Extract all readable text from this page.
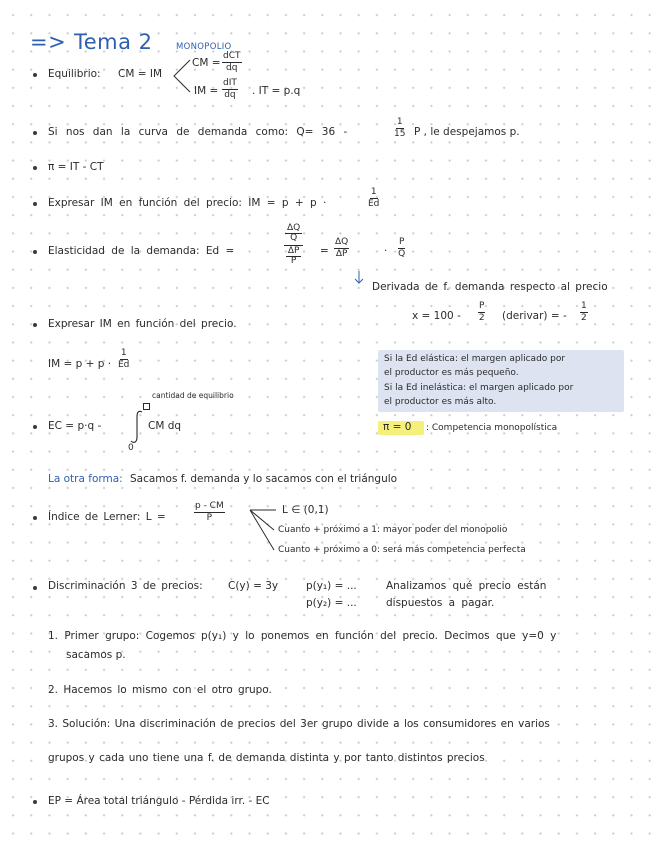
=> Tema 2	MONOPOLIO
Equilibrio: CM = IM
CM =
dCT
dq
IM =
dIT
dq . IT = p.q
Si nos dan la curva de demanda como: Q= 36 -	$\frac{1}{15}$ P , le despejamos p.
π = IT - CT
Expresar IM en función del precio: IM = p + p ·	$\frac{1}{Ed}$
Elasticidad de la demanda: Ed =	$\frac{\frac{\Delta Q}{Q}}{\frac{\Delta P}{P}} = \frac{\Delta Q}{\Delta P}$	· $\frac{P}{Q}$
Derivada de f. demanda respecto al precio
$x = 100 - \frac{P}{2}$ (derivar) = - $\frac{1}{2}$
Expresar IM en función del precio.
IM = $p + p \cdot \frac{1}{Ed}$	Si la Ed elástica: el margen aplicado por
el productor es más pequeño.
Si la Ed inelástica: el margen aplicado por
el productor es más alto.
cantidad de equilibrio
EC = p·q -	CM dq
0
π = 0 : Competencia monopolística
La otra forma: Sacamos f. demanda y lo sacamos con el triángulo
Índice de Lerner: L =	$\frac{p - CM}{P}$	L ∈ (0,1)
Cuanto + próximo a 1: mayor poder del monopolio
Cuanto + próximo a 0: será más competencia perfecta
Discriminación 3 de precios: C(y) = 3y	p(y₁) = ...
p(y₂) = ...
Analizamos qué precio están
dispuestos a pagar.
1. Primer grupo: Cogemos p(y₁) y lo ponemos en función del precio. Decimos que y=0 y
sacamos p.
2. Hacemos lo mismo con el otro grupo.
3. Solución: Una discriminación de precios del 3er grupo divide a los consumidores en varios
grupos y cada uno tiene una f. de demanda distinta y por tanto distintos precios
EP = Área total triángulo - Pérdida irr. - EC
